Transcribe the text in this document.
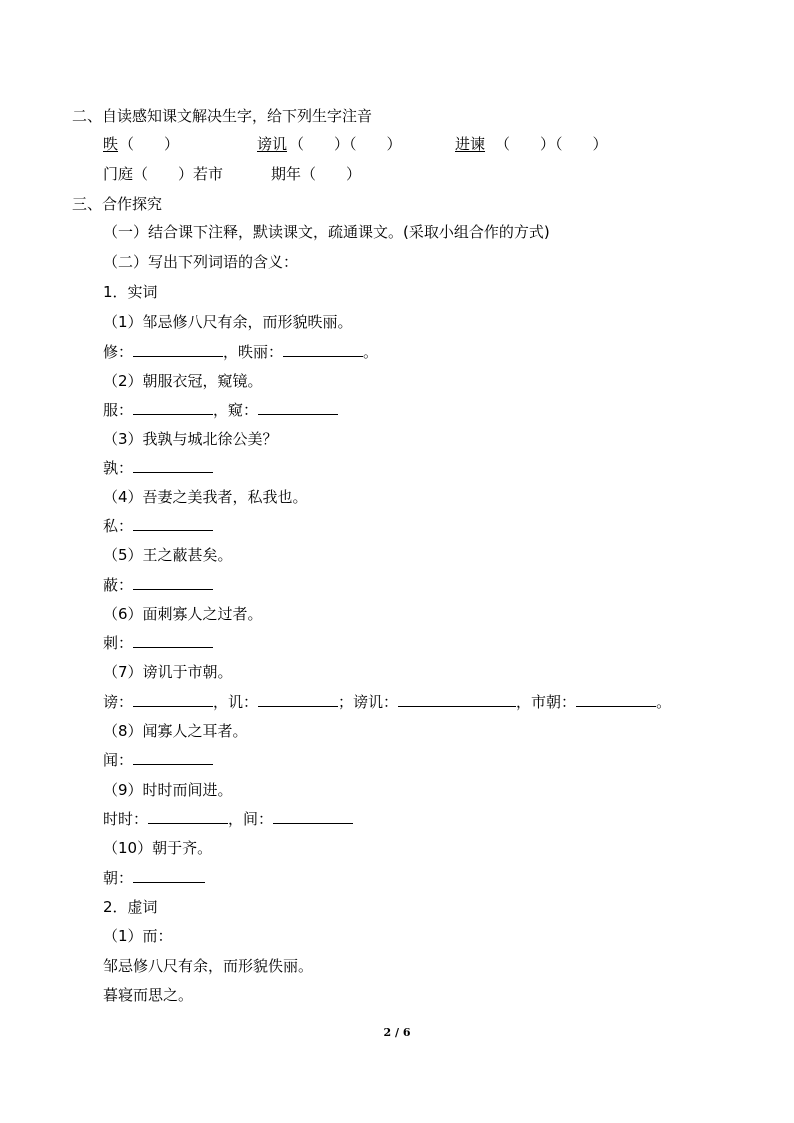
二、自读感知课文解决生字，给下列生字注音
昳 （　　）	谤讥 （　　）（　　）	进谏 （　　）（　　）
门庭（　　）若市	期年（　　）
三、合作探究
（一）结合课下注释，默读课文，疏通课文。(采取小组合作的方式)
（二）写出下列词语的含义：
1．实词
（1）邹忌修八尺有余，而形貌昳丽。
修：	，昳丽：	。
（2）朝服衣冠，窥镜。
服：	，窥：
（3）我孰与城北徐公美？
孰：
（4）吾妻之美我者，私我也。
私：
（5）王之蔽甚矣。
蔽：
（6）面刺寡人之过者。
刺：
（7）谤讥于市朝。
谤：	，讥：	；谤讥：	，市朝：	。
（8）闻寡人之耳者。
闻：
（9）时时而间进。
时时：	，间：
（10）朝于齐。
朝：
2．虚词
（1）而：
邹忌修八尺有余，而形貌佚丽。
暮寝而思之。
2 / 6
